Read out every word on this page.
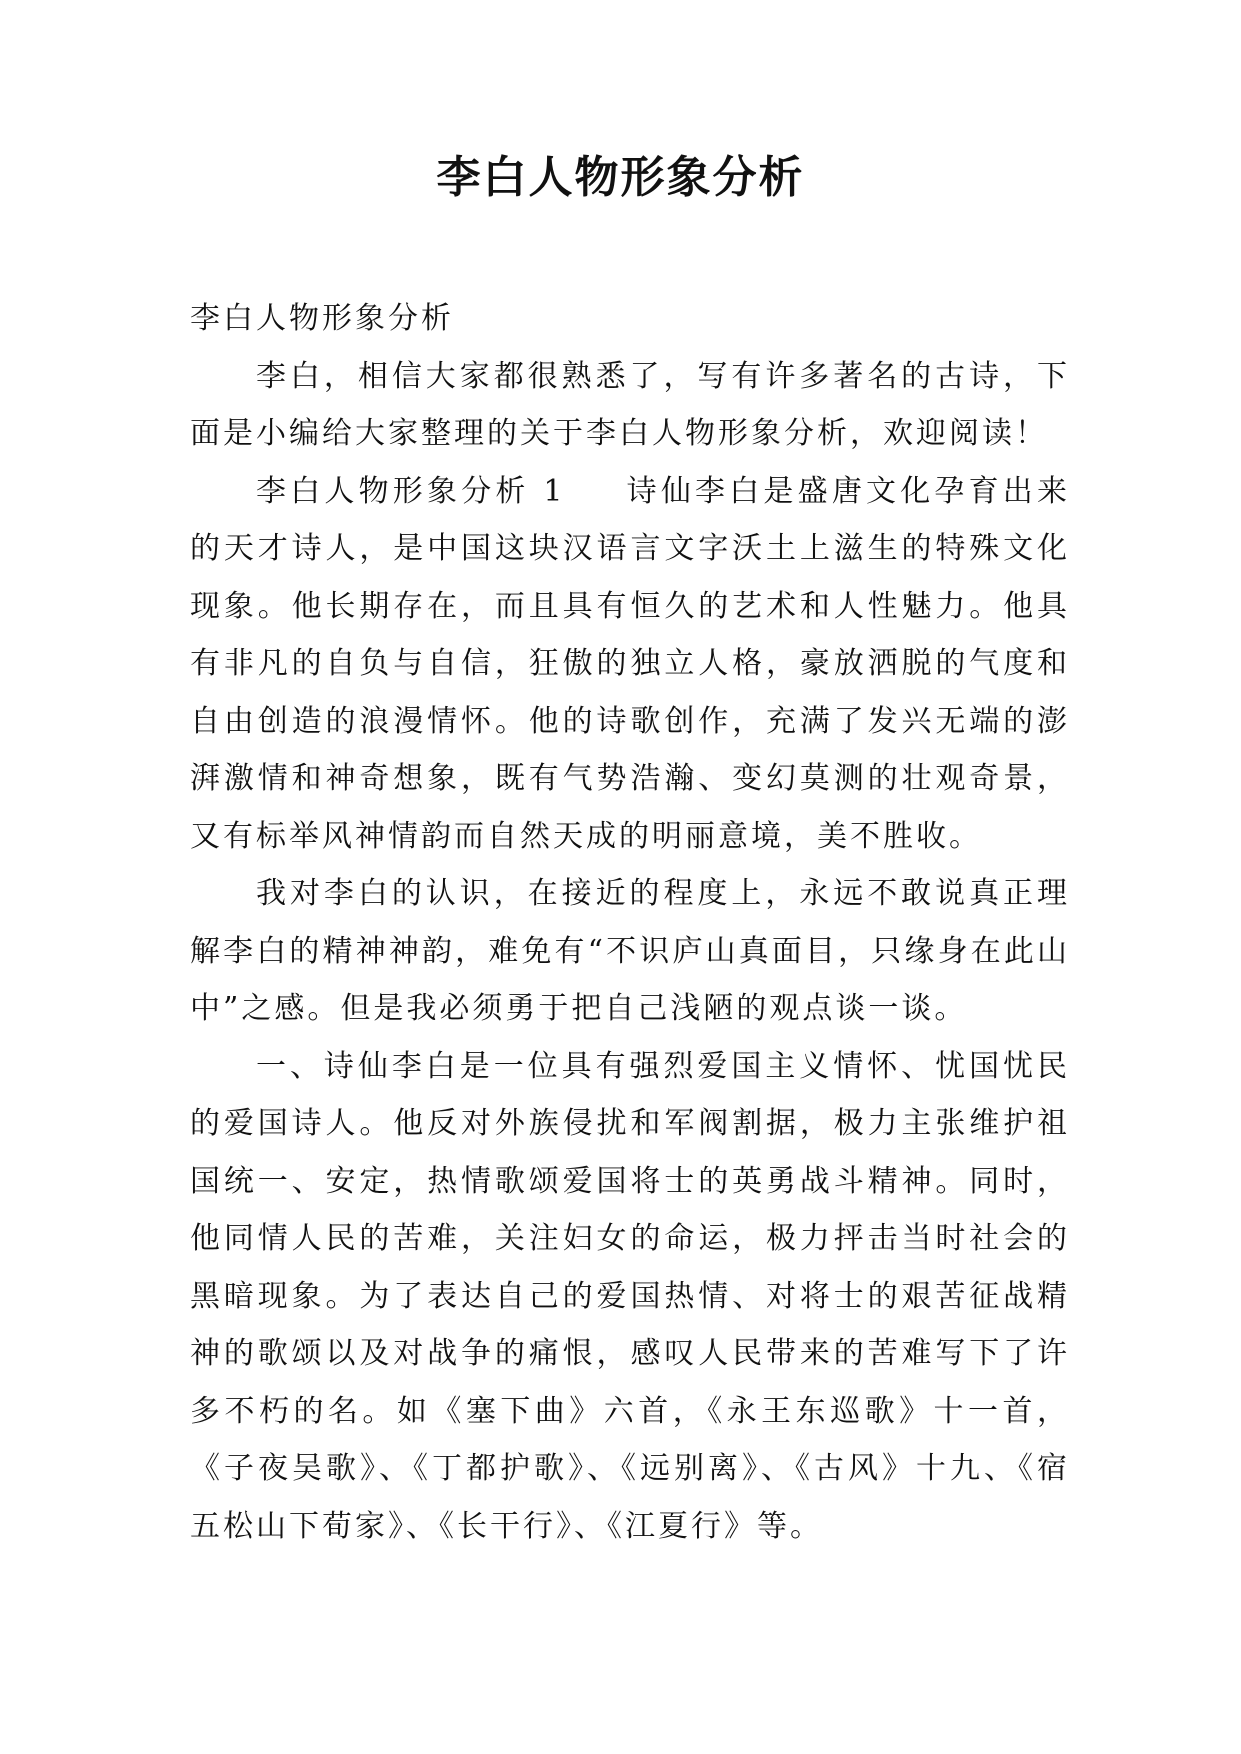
李白人物形象分析

李白人物形象分析

李白，相信大家都很熟悉了，写有许多著名的古诗，下面是小编给大家整理的关于李白人物形象分析，欢迎阅读！

李白人物形象分析 1 诗仙李白是盛唐文化孕育出来的天才诗人，是中国这块汉语言文字沃土上滋生的特殊文化现象。他长期存在，而且具有恒久的艺术和人性魅力。他具有非凡的自负与自信，狂傲的独立人格，豪放洒脱的气度和自由创造的浪漫情怀。他的诗歌创作，充满了发兴无端的澎湃激情和神奇想象，既有气势浩瀚、变幻莫测的壮观奇景，又有标举风神情韵而自然天成的明丽意境，美不胜收。

我对李白的认识，在接近的程度上，永远不敢说真正理解李白的精神神韵，难免有“不识庐山真面目，只缘身在此山中”之感。但是我必须勇于把自己浅陋的观点谈一谈。

一、诗仙李白是一位具有强烈爱国主义情怀、忧国忧民的爱国诗人。他反对外族侵扰和军阀割据，极力主张维护祖国统一、安定，热情歌颂爱国将士的英勇战斗精神。同时，他同情人民的苦难，关注妇女的命运，极力抨击当时社会的黑暗现象。为了表达自己的爱国热情、对将士的艰苦征战精神的歌颂以及对战争的痛恨，感叹人民带来的苦难写下了许多不朽的名。如《塞下曲》六首，《永王东巡歌》十一首，《子夜吴歌》、《丁都护歌》、《远别离》、《古风》十九、《宿五松山下荀家》、《长干行》、《江夏行》等。
